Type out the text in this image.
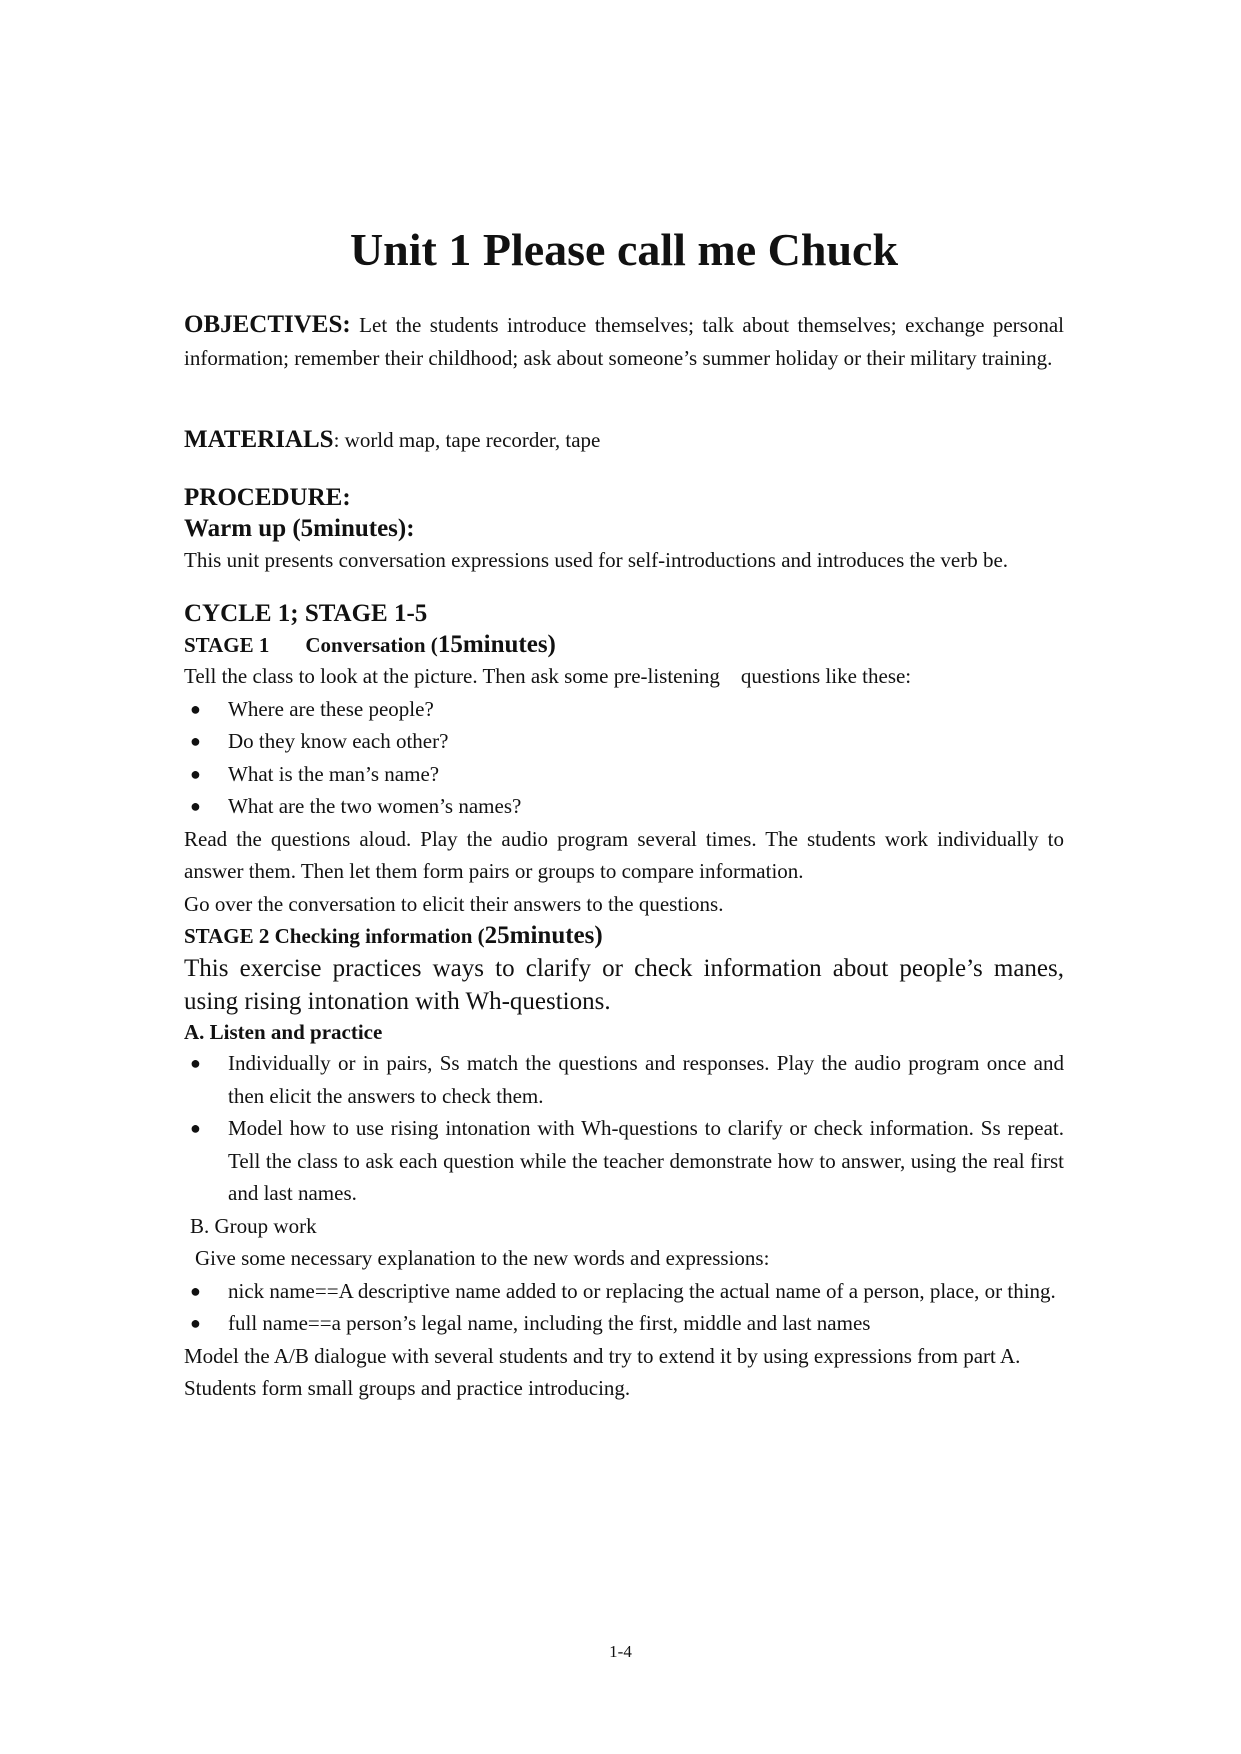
Unit 1 Please call me Chuck

OBJECTIVES: Let the students introduce themselves; talk about themselves; exchange personal information; remember their childhood; ask about someone’s summer holiday or their military training.

MATERIALS: world map, tape recorder, tape

PROCEDURE:

Warm up (5minutes):

This unit presents conversation expressions used for self-introductions and introduces the verb be.

CYCLE 1; STAGE 1-5

STAGE 1 Conversation (15minutes)

Tell the class to look at the picture. Then ask some pre-listening    questions like these:

● Where are these people?
● Do they know each other?
● What is the man’s name?
● What are the two women’s names?

Read the questions aloud. Play the audio program several times. The students work individually to answer them. Then let them form pairs or groups to compare information.

Go over the conversation to elicit their answers to the questions.

STAGE 2 Checking information (25minutes)

This exercise practices ways to clarify or check information about people’s manes, using rising intonation with Wh-questions.

A. Listen and practice

● Individually or in pairs, Ss match the questions and responses. Play the audio program once and then elicit the answers to check them.
● Model how to use rising intonation with Wh-questions to clarify or check information. Ss repeat. Tell the class to ask each question while the teacher demonstrate how to answer, using the real first and last names.

B. Group work

Give some necessary explanation to the new words and expressions:

● nick name==A descriptive name added to or replacing the actual name of a person, place, or thing.
● full name==a person’s legal name, including the first, middle and last names

Model the A/B dialogue with several students and try to extend it by using expressions from part A.

Students form small groups and practice introducing.

1-4
